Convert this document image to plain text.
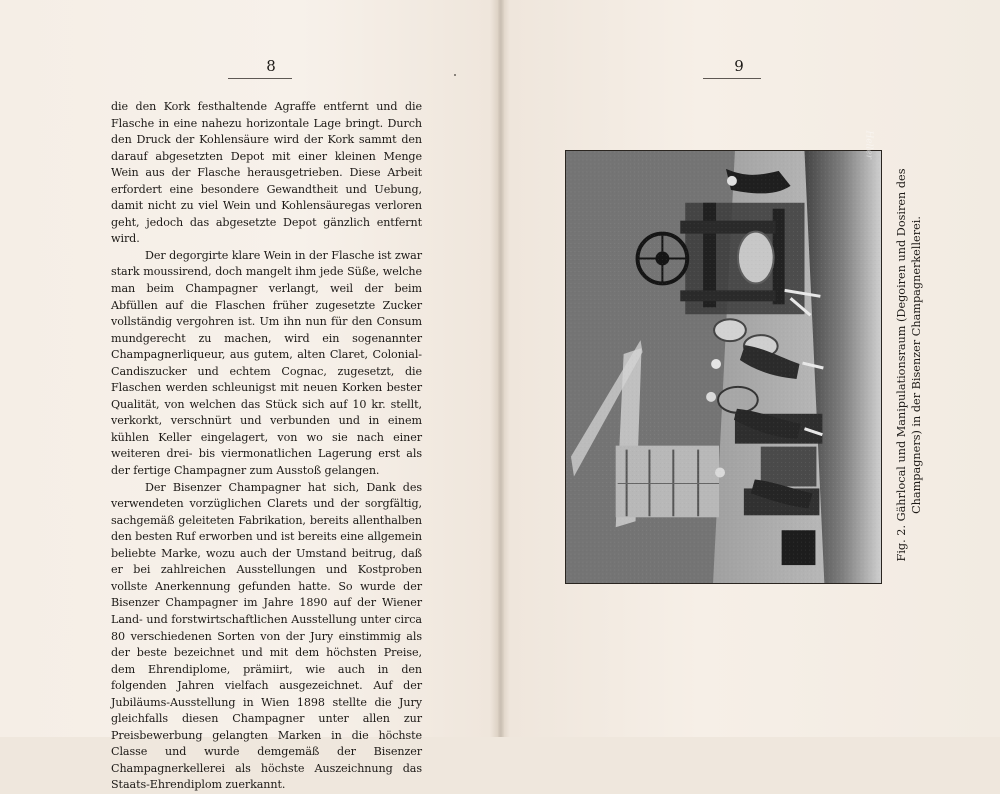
8

die den Kork festhaltende Agraffe entfernt und die Flasche in eine nahezu horizontale Lage bringt. Durch den Druck der Kohlensäure wird der Kork sammt den darauf abgesetzten Depot mit einer kleinen Menge Wein aus der Flasche herausgetrieben. Diese Arbeit erfordert eine besondere Gewandtheit und Uebung, damit nicht zu viel Wein und Kohlensäuregas verloren geht, jedoch das abgesetzte Depot gänzlich entfernt wird.

Der degorgirte klare Wein in der Flasche ist zwar stark moussirend, doch mangelt ihm jede Süße, welche man beim Champagner verlangt, weil der beim Abfüllen auf die Flaschen früher zugesetzte Zucker vollständig vergohren ist. Um ihn nun für den Consum mundgerecht zu machen, wird ein sogenannter Champagnerliqueur, aus gutem, alten Claret, Colonial-Candiszucker und echtem Cognac, zugesetzt, die Flaschen werden schleunigst mit neuen Korken bester Qualität, von welchen das Stück sich auf 10 kr. stellt, verkorkt, verschnürt und verbunden und in einem kühlen Keller eingelagert, von wo sie nach einer weiteren drei- bis viermonatlichen Lagerung erst als der fertige Champagner zum Ausstoß gelangen.

Der Bisenzer Champagner hat sich, Dank des verwendeten vorzüglichen Clarets und der sorgfältig, sachgemäß geleiteten Fabrikation, bereits allenthalben den besten Ruf erworben und ist bereits eine allgemein beliebte Marke, wozu auch der Umstand beitrug, daß er bei zahlreichen Ausstellungen und Kostproben vollste Anerkennung gefunden hatte. So wurde der Bisenzer Champagner im Jahre 1890 auf der Wiener Land- und forstwirtschaftlichen Ausstellung unter circa 80 verschiedenen Sorten von der Jury einstimmig als der beste bezeichnet und mit dem höchsten Preise, dem Ehrendiplome, prämiirt, wie auch in den folgenden Jahren vielfach ausgezeichnet. Auf der Jubiläums-Ausstellung in Wien 1898 stellte die Jury gleichfalls diesen Champagner unter allen zur Preisbewerbung gelangten Marken in die höchste Classe und wurde demgemäß der Bisenzer Champagnerkellerei als höchste Auszeichnung das Staats-Ehrendiplom zuerkannt.

9
Heller
Fig. 2. Gährlocal und Manipulationsraum (Degoiren und Dosiren des Champagners) in der Bisenzer Champagnerkellerei.
